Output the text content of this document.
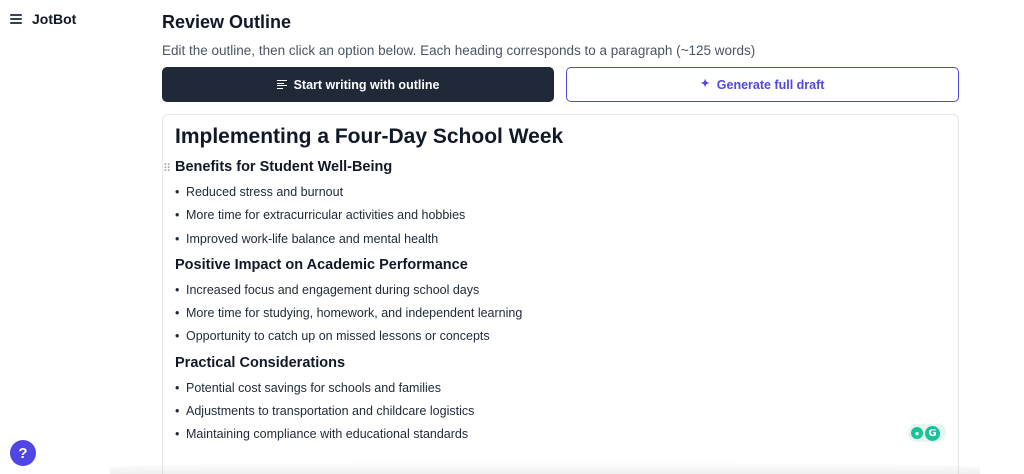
JotBot	Review Outline
Edit the outline, then click an option below. Each heading corresponds to a paragraph (~125 words)
Start writing with outline	✦ Generate full draft
Implementing a Four-Day School Week
⠿ Benefits for Student Well-Being
• Reduced stress and burnout
• More time for extracurricular activities and hobbies
• Improved work-life balance and mental health
Positive Impact on Academic Performance
• Increased focus and engagement during school days
• More time for studying, homework, and independent learning
• Opportunity to catch up on missed lessons or concepts
Practical Considerations
• Potential cost savings for schools and families
• Adjustments to transportation and childcare logistics
• Maintaining compliance with educational standards	● G
?
